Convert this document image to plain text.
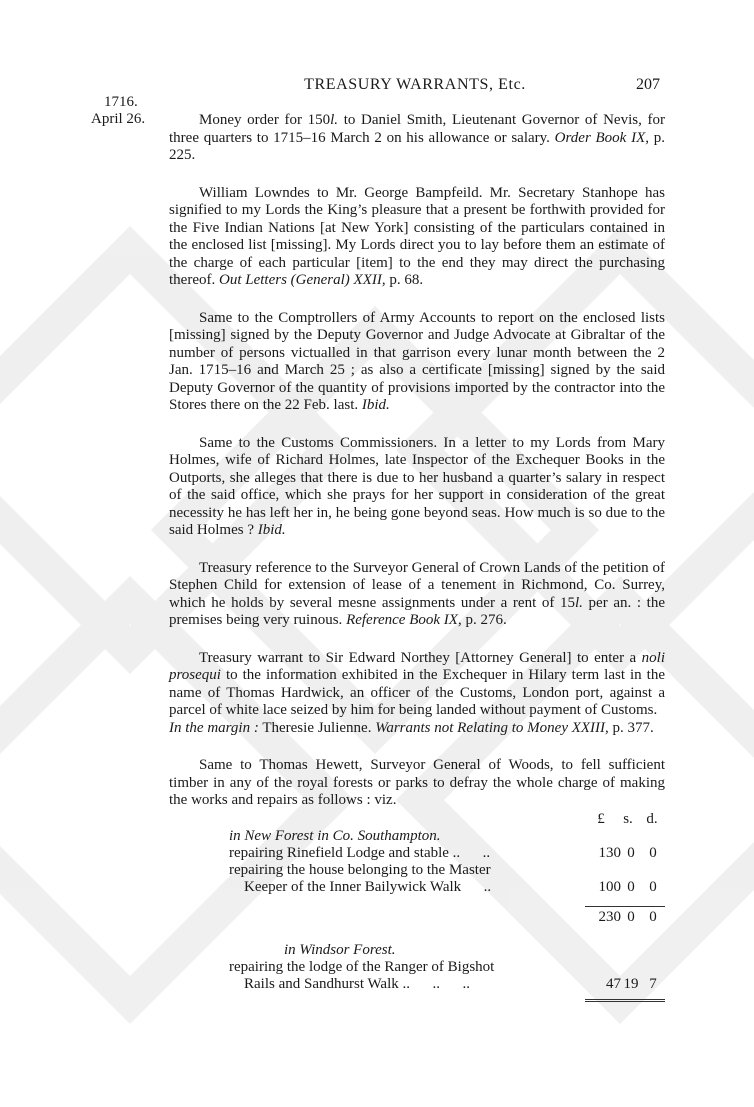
TREASURY WARRANTS, Etc.	207
1716.
April 26.	Money order for 150l. to Daniel Smith, Lieutenant Governor of Nevis, for three quarters to 1715–16 March 2 on his allowance or salary. Order Book IX, p. 225.

William Lowndes to Mr. George Bampfeild. Mr. Secretary Stanhope has signified to my Lords the King’s pleasure that a present be forthwith provided for the Five Indian Nations [at New York] consisting of the particulars contained in the enclosed list [missing]. My Lords direct you to lay before them an estimate of the charge of each particular [item] to the end they may direct the purchasing thereof. Out Letters (General) XXII, p. 68.

Same to the Comptrollers of Army Accounts to report on the enclosed lists [missing] signed by the Deputy Governor and Judge Advocate at Gibraltar of the number of persons victualled in that garrison every lunar month between the 2 Jan. 1715–16 and March 25 ; as also a certificate [missing] signed by the said Deputy Governor of the quantity of provisions imported by the contractor into the Stores there on the 22 Feb. last. Ibid.

Same to the Customs Commissioners. In a letter to my Lords from Mary Holmes, wife of Richard Holmes, late Inspector of the Exchequer Books in the Outports, she alleges that there is due to her husband a quarter’s salary in respect of the said office, which she prays for her support in consideration of the great necessity he has left her in, he being gone beyond seas. How much is so due to the said Holmes ? Ibid.

Treasury reference to the Surveyor General of Crown Lands of the petition of Stephen Child for extension of lease of a tenement in Richmond, Co. Surrey, which he holds by several mesne assignments under a rent of 15l. per an. : the premises being very ruinous. Reference Book IX, p. 276.

Treasury warrant to Sir Edward Northey [Attorney General] to enter a noli prosequi to the information exhibited in the Exchequer in Hilary term last in the name of Thomas Hardwick, an officer of the Customs, London port, against a parcel of white lace seized by him for being landed without payment of Customs.

In the margin : Theresie Julienne. Warrants not Relating to Money XXIII, p. 377.

Same to Thomas Hewett, Surveyor General of Woods, to fell sufficient timber in any of the royal forests or parks to defray the whole charge of making the works and repairs as follows : viz.

£	s. d.
in New Forest in Co. Southampton.
repairing Rinefield Lodge and stable ..      ..	130 0 0
repairing the house belonging to the Master
Keeper of the Inner Bailywick Walk      ..	100 0 0
230 0 0
in Windsor Forest.
repairing the lodge of the Ranger of Bigshot
Rails and Sandhurst Walk ..      ..      ..	47 19 7
